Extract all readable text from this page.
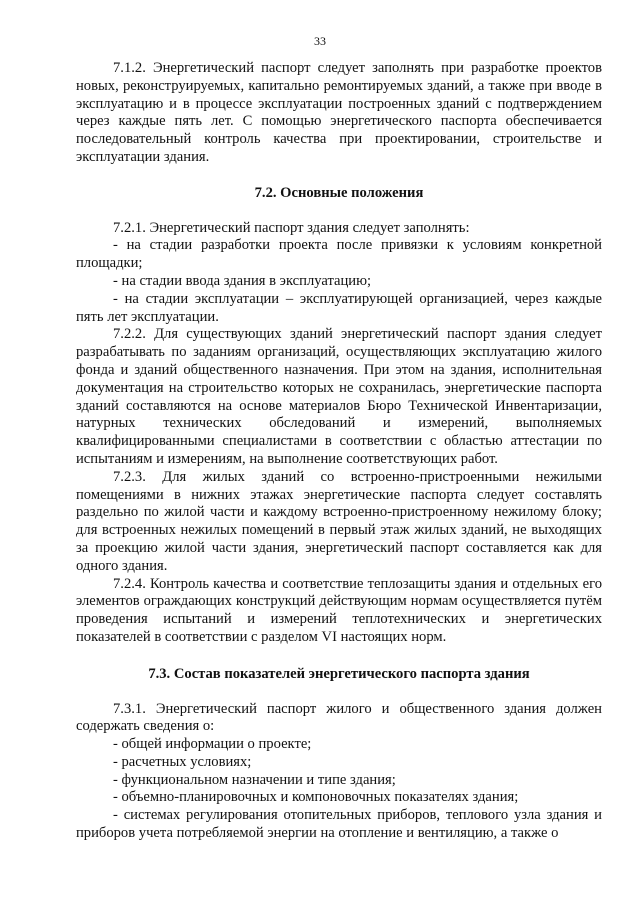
33

7.1.2. Энергетический паспорт следует заполнять при разработке проектов новых, реконструируемых, капитально ремонтируемых зданий, а также при вводе в эксплуатацию и в процессе эксплуатации построенных зданий с подтверждением через каждые пять лет. С помощью энергетического паспорта обеспечивается последовательный контроль качества при проектировании, строительстве и эксплуатации здания.

7.2. Основные положения

7.2.1. Энергетический паспорт здания следует заполнять:

- на стадии разработки проекта после привязки к условиям конкретной площадки;

- на стадии ввода здания в эксплуатацию;

- на стадии эксплуатации – эксплуатирующей организацией, через каждые пять лет эксплуатации.

7.2.2. Для существующих зданий энергетический паспорт здания следует разрабатывать по заданиям организаций, осуществляющих эксплуатацию жилого фонда и зданий общественного назначения. При этом на здания, исполнительная документация на строительство которых не сохранилась, энергетические паспорта зданий составляются на основе материалов Бюро Технической Инвентаризации, натурных технических обследований и измерений, выполняемых квалифицированными специалистами в соответствии с областью аттестации по испытаниям и измерениям, на выполнение соответствующих работ.

7.2.3. Для жилых зданий со встроенно-пристроенными нежилыми помещениями в нижних этажах энергетические паспорта следует составлять раздельно по жилой части и каждому встроенно-пристроенному нежилому блоку; для встроенных нежилых помещений в первый этаж жилых зданий, не выходящих за проекцию жилой части здания, энергетический паспорт составляется как для одного здания.

7.2.4. Контроль качества и соответствие теплозащиты здания и отдельных его элементов ограждающих конструкций действующим нормам осуществляется путём проведения испытаний и измерений теплотехнических и энергетических показателей в соответствии с разделом VI настоящих норм.

7.3. Состав показателей энергетического паспорта здания

7.3.1. Энергетический паспорт жилого и общественного здания должен содержать сведения о:

- общей информации о проекте;

- расчетных условиях;

- функциональном назначении и типе здания;

- объемно-планировочных и компоновочных показателях здания;

- системах регулирования отопительных приборов, теплового узла здания и приборов учета потребляемой энергии на отопление и вентиляцию, а также о
